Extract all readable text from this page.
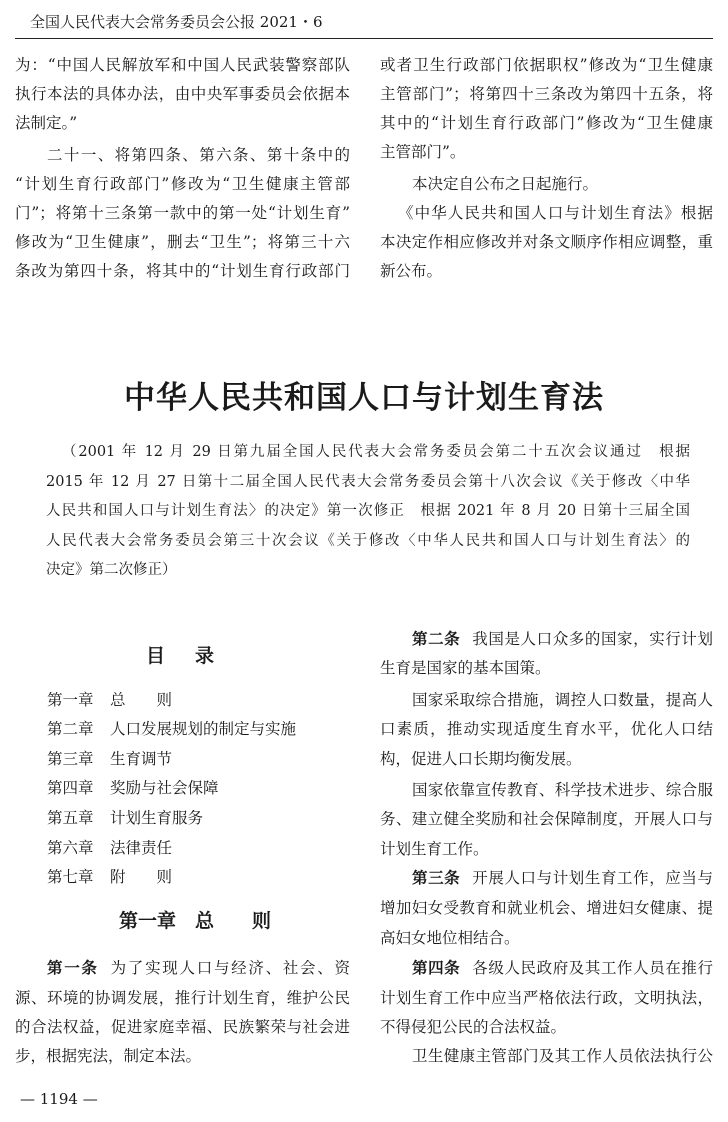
全国人民代表大会常务委员会公报 2021・6
为：“中国人民解放军和中国人民武装警察部队
执行本法的具体办法，由中央军事委员会依据本
法制定。”
二十一、将第四条、第六条、第十条中的
“计划生育行政部门”修改为“卫生健康主管部
门”；将第十三条第一款中的第一处“计划生育”
修改为“卫生健康”，删去“卫生”；将第三十六
条改为第四十条，将其中的“计划生育行政部门
或者卫生行政部门依据职权”修改为“卫生健康
主管部门”；将第四十三条改为第四十五条，将
其中的“计划生育行政部门”修改为“卫生健康
主管部门”。
本决定自公布之日起施行。
《中华人民共和国人口与计划生育法》根据
本决定作相应修改并对条文顺序作相应调整，重
新公布。
中华人民共和国人口与计划生育法
（2001 年 12 月 29 日第九届全国人民代表大会常务委员会第二十五次会议通过　根据
2015 年 12 月 27 日第十二届全国人民代表大会常务委员会第十八次会议《关于修改〈中华
人民共和国人口与计划生育法〉的决定》第一次修正　根据 2021 年 8 月 20 日第十三届全国
人民代表大会常务委员会第三十次会议《关于修改〈中华人民共和国人口与计划生育法〉的
决定》第二次修正）
目录
第一章 总　　则
第二章 人口发展规划的制定与实施
第三章 生育调节
第四章 奖励与社会保障
第五章 计划生育服务
第六章 法律责任
第七章 附　　则
第一章　总　　则
第一条 为了实现人口与经济、社会、资
源、环境的协调发展，推行计划生育，维护公民
的合法权益，促进家庭幸福、民族繁荣与社会进
步，根据宪法，制定本法。
第二条 我国是人口众多的国家，实行计划
生育是国家的基本国策。
国家采取综合措施，调控人口数量，提高人
口素质，推动实现适度生育水平，优化人口结
构，促进人口长期均衡发展。
国家依靠宣传教育、科学技术进步、综合服
务、建立健全奖励和社会保障制度，开展人口与
计划生育工作。
第三条 开展人口与计划生育工作，应当与
增加妇女受教育和就业机会、增进妇女健康、提
高妇女地位相结合。
第四条 各级人民政府及其工作人员在推行
计划生育工作中应当严格依法行政，文明执法，
不得侵犯公民的合法权益。
卫生健康主管部门及其工作人员依法执行公
— 1194 —
